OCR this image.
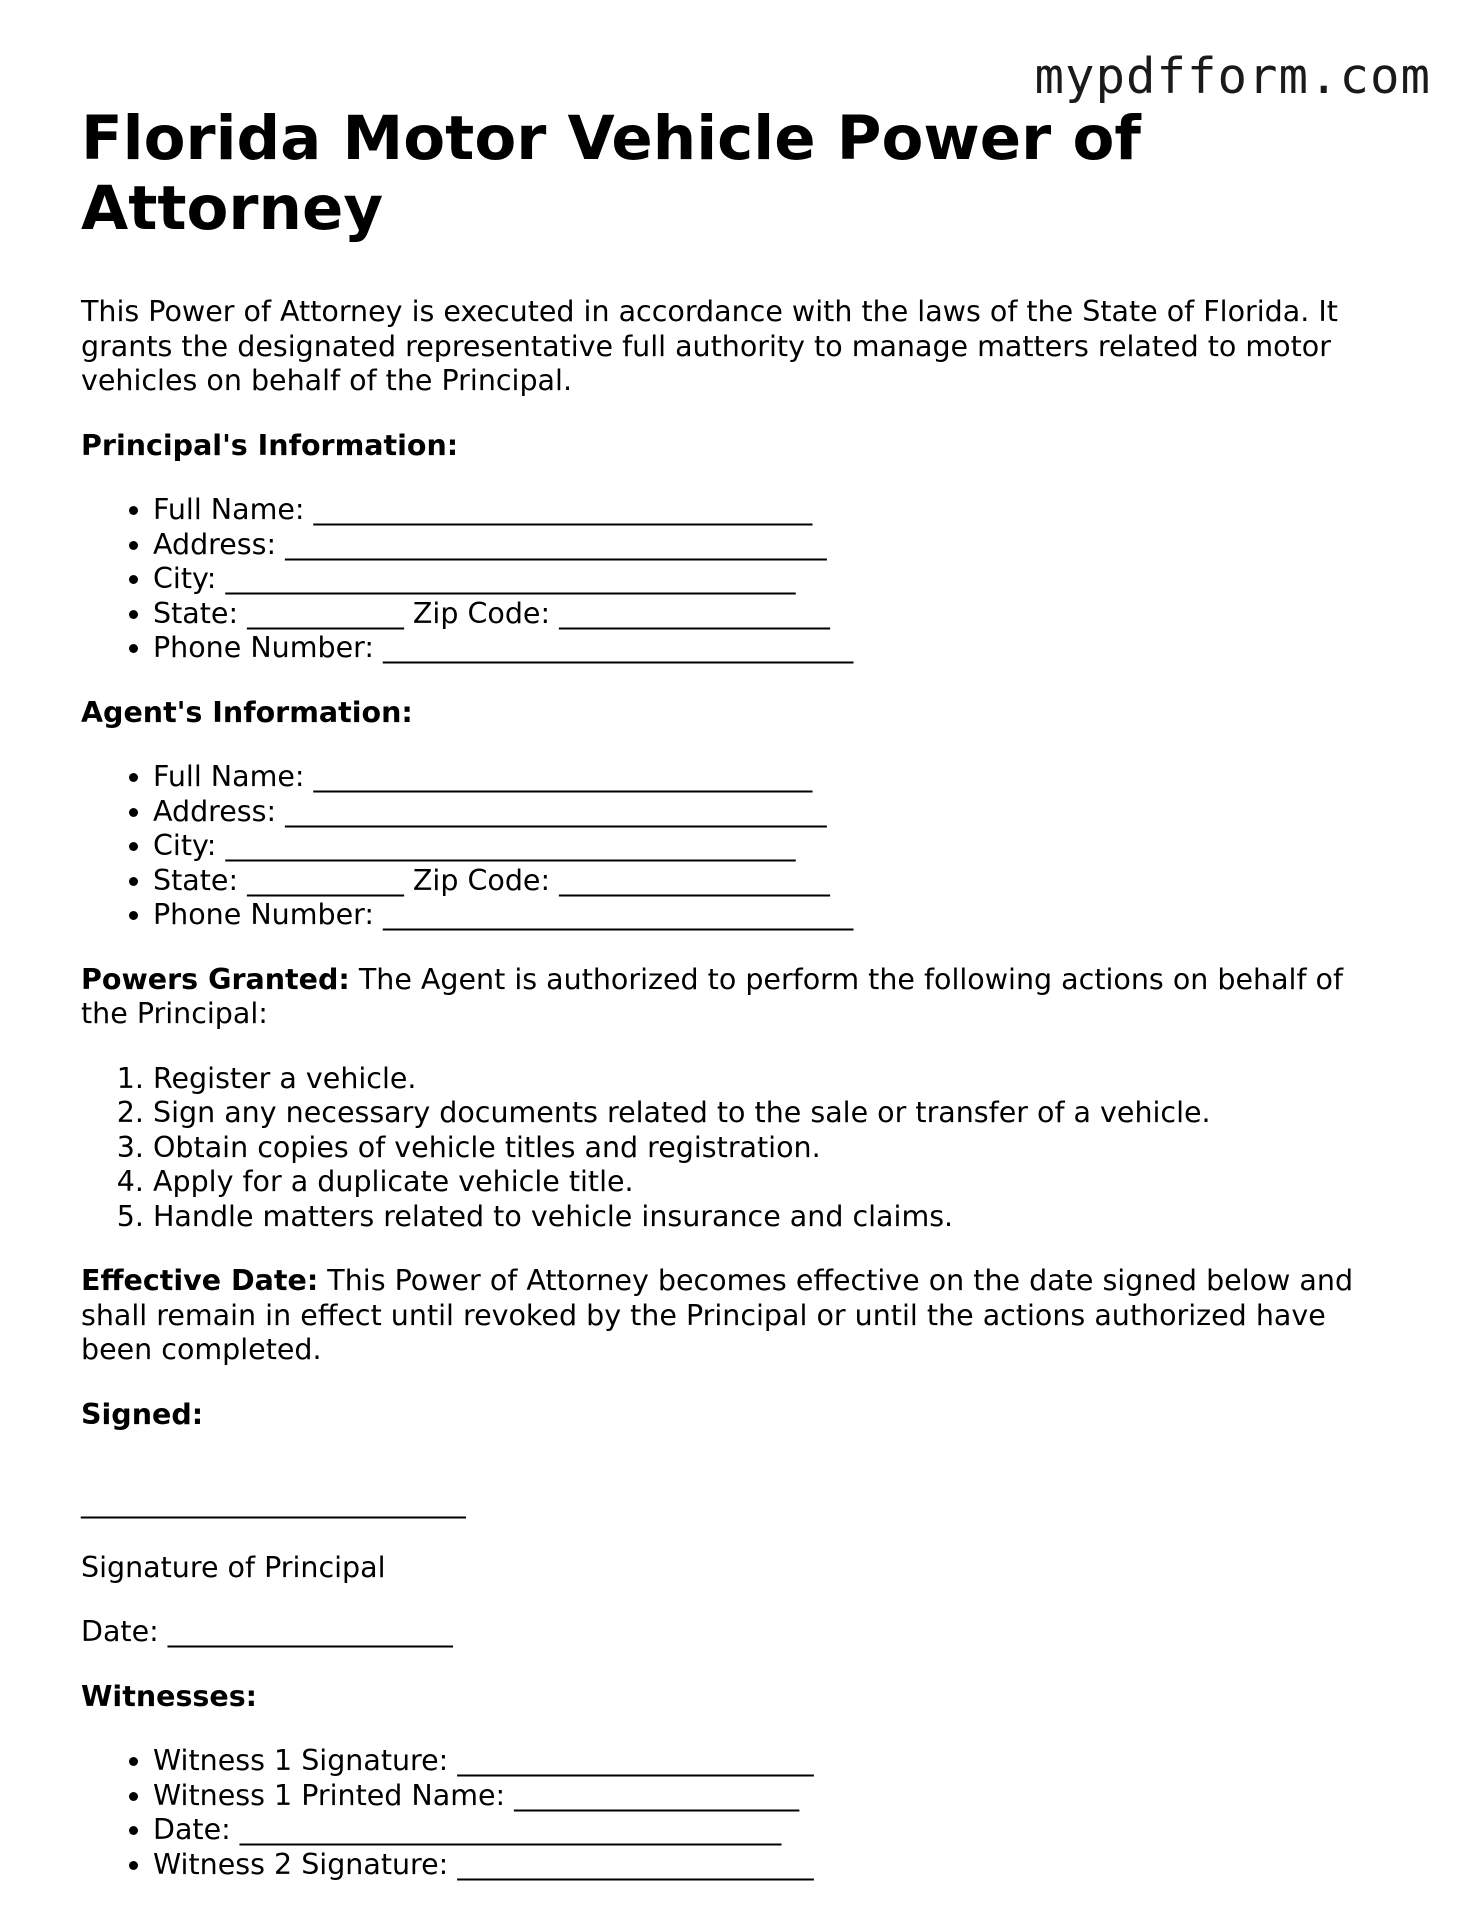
mypdfform.com
Florida Motor Vehicle Power of Attorney

This Power of Attorney is executed in accordance with the laws of the State of Florida. It grants the designated representative full authority to manage matters related to motor vehicles on behalf of the Principal.

Principal's Information:

• Full Name: ___________________________________
• Address: ______________________________________
• City: ________________________________________
• State: ___________ Zip Code: ___________________
• Phone Number: _________________________________

Agent's Information:

• Full Name: ___________________________________
• Address: ______________________________________
• City: ________________________________________
• State: ___________ Zip Code: ___________________
• Phone Number: _________________________________

Powers Granted: The Agent is authorized to perform the following actions on behalf of the Principal:

1. Register a vehicle.
2. Sign any necessary documents related to the sale or transfer of a vehicle.
3. Obtain copies of vehicle titles and registration.
4. Apply for a duplicate vehicle title.
5. Handle matters related to vehicle insurance and claims.

Effective Date: This Power of Attorney becomes effective on the date signed below and shall remain in effect until revoked by the Principal or until the actions authorized have been completed.

Signed:

___________________________

Signature of Principal

Date: ____________________

Witnesses:

• Witness 1 Signature: _________________________
• Witness 1 Printed Name: ____________________
• Date: ______________________________________
• Witness 2 Signature: _________________________
